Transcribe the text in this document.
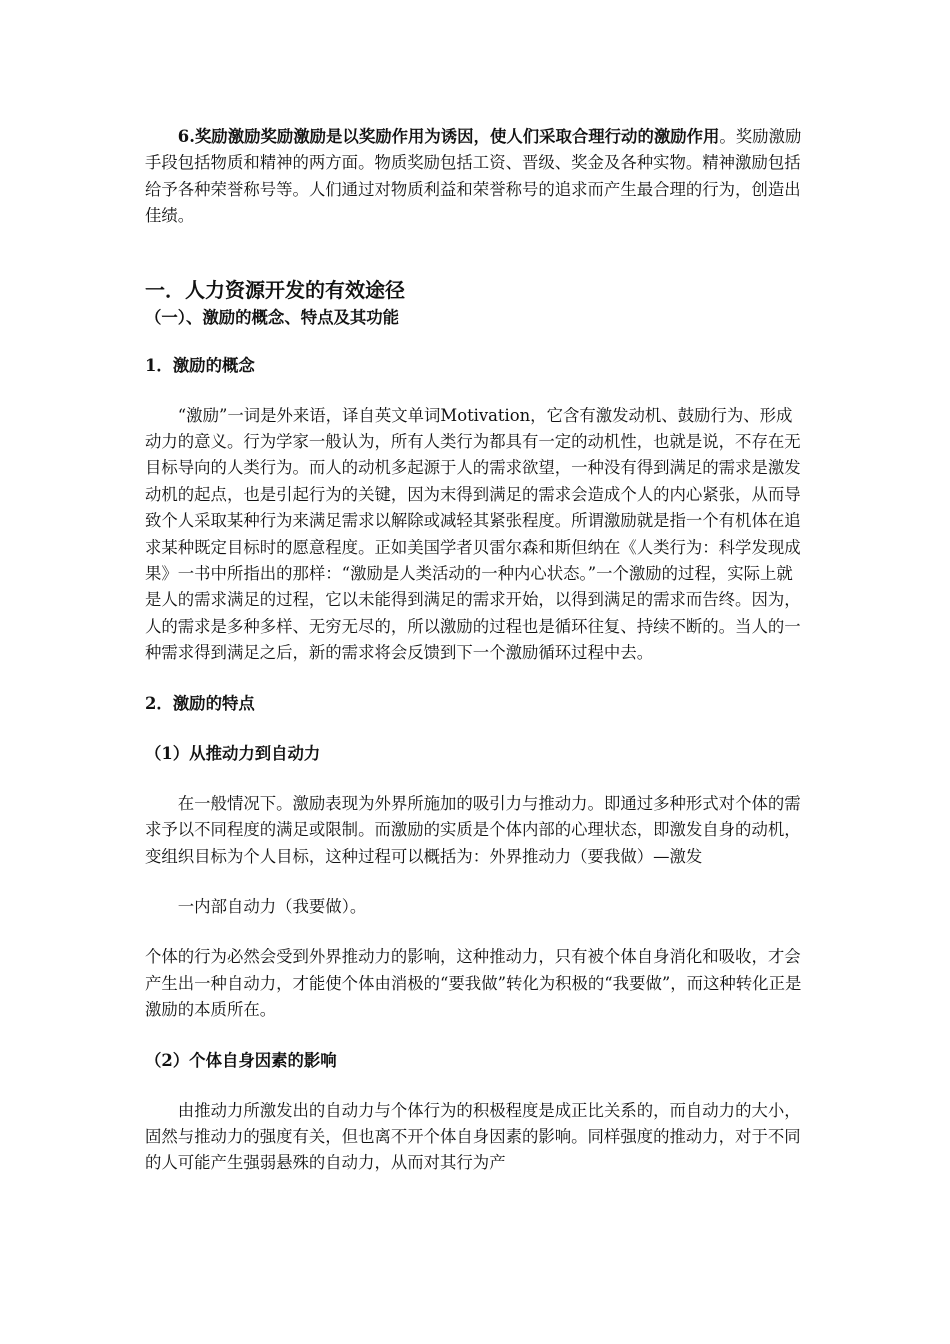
6.奖励激励奖励激励是以奖励作用为诱因，使人们采取合理行动的激励作用。奖励激励手段包括物质和精神的两方面。物质奖励包括工资、晋级、奖金及各种实物。精神激励包括给予各种荣誉称号等。人们通过对物质利益和荣誉称号的追求而产生最合理的行为，创造出佳绩。

一．人力资源开发的有效途径

（一）、激励的概念、特点及其功能

1．激励的概念

“激励”一词是外来语，译自英文单词Motivation，它含有激发动机、鼓励行为、形成动力的意义。行为学家一般认为，所有人类行为都具有一定的动机性，也就是说，不存在无目标导向的人类行为。而人的动机多起源于人的需求欲望，一种没有得到满足的需求是激发动机的起点，也是引起行为的关键，因为末得到满足的需求会造成个人的内心紧张，从而导致个人采取某种行为来满足需求以解除或减轻其紧张程度。所谓激励就是指一个有机体在追求某种既定目标时的愿意程度。正如美国学者贝雷尔森和斯但纳在《人类行为：科学发现成果》一书中所指出的那样：“激励是人类活动的一种内心状态。”一个激励的过程，实际上就是人的需求满足的过程，它以未能得到满足的需求开始，以得到满足的需求而告终。因为，人的需求是多种多样、无穷无尽的，所以激励的过程也是循环往复、持续不断的。当人的一种需求得到满足之后，新的需求将会反馈到下一个激励循环过程中去。

2．激励的特点

（1）从推动力到自动力

在一般情况下。激励表现为外界所施加的吸引力与推动力。即通过多种形式对个体的需求予以不同程度的满足或限制。而激励的实质是个体内部的心理状态，即激发自身的动机，变组织目标为个人目标，这种过程可以概括为：外界推动力（要我做）—激发

一内部自动力（我要做）。

个体的行为必然会受到外界推动力的影响，这种推动力，只有被个体自身消化和吸收，才会产生出一种自动力，才能使个体由消极的“要我做”转化为积极的“我要做”，而这种转化正是激励的本质所在。

（2）个体自身因素的影响

由推动力所激发出的自动力与个体行为的积极程度是成正比关系的，而自动力的大小，固然与推动力的强度有关，但也离不开个体自身因素的影响。同样强度的推动力，对于不同的人可能产生强弱悬殊的自动力，从而对其行为产
